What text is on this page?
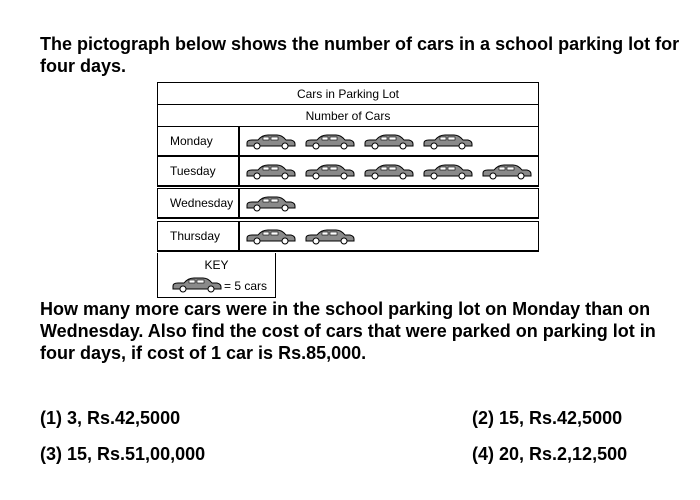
The pictograph below shows the number of cars in a school parking lot for four days.
Cars in Parking Lot
Number of Cars
Monday
Tuesday
Wednesday
Thursday
KEY
= 5 cars
How many more cars were in the school parking lot on Monday than on Wednesday. Also find the cost of cars that were parked on parking lot in four days, if cost of 1 car is Rs.85,000.
(1) 3, Rs.42,5000	(2) 15, Rs.42,5000
(3) 15, Rs.51,00,000	(4) 20, Rs.2,12,500
